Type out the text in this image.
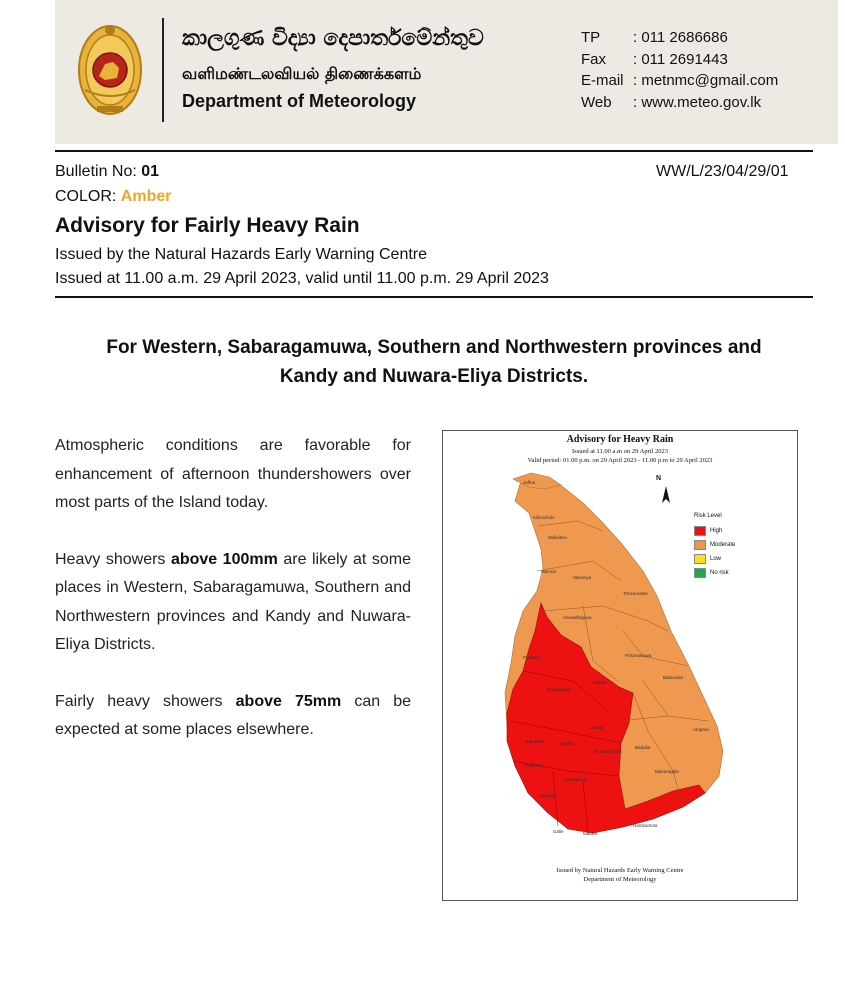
කාලගුණ විද්‍යා දෙපාර්තමේන්තුව
வளிமண்டலவியல் திணைக்களம்
Department of Meteorology
TP	: 011 2686686
Fax	: 011 2691443
E-mail : metnmc@gmail.com
Web	: www.meteo.gov.lk
Bulletin No: 01	WW/L/23/04/29/01
COLOR: Amber
Advisory for Fairly Heavy Rain
Issued by the Natural Hazards Early Warning Centre
Issued at 11.00 a.m. 29 April 2023, valid until 11.00 p.m. 29 April 2023
For Western, Sabaragamuwa, Southern and Northwestern provinces and
Kandy and Nuwara-Eliya Districts.

Atmospheric conditions are favorable for enhancement of afternoon thundershowers over most parts of the Island today.

Heavy showers above 100mm are likely at some places in Western, Sabaragamuwa, Southern and Northwestern provinces and Kandy and Nuwara-Eliya Districts.

Fairly heavy showers above 75mm can be expected at some places elsewhere.

Advisory for Heavy Rain
Issued at 11.00 a.m on 29 April 2023
Valid period: 01.00 p.m. on 29 April 2023 - 11.00 p.m to 29 April 2023
Jaffna
Kilinochchi
Mullaitivu
Mannar
Vavuniya
Trincomalee
Anuradhapura
Puttalam	Polonnaruwa
Kurunegala
Matale
Batticaloa
Kandy	Ampara
Gampaha	Kegalle
Nuwara Eliya
Badulla
Colombo
Ratnapura
Moneragala
Kalutara
Hambantota
Galle	Matara
N
Risk Level
High
Moderate
Low
No risk
Issued by Natural Hazards Early Warning Centre
Department of Meteorology
